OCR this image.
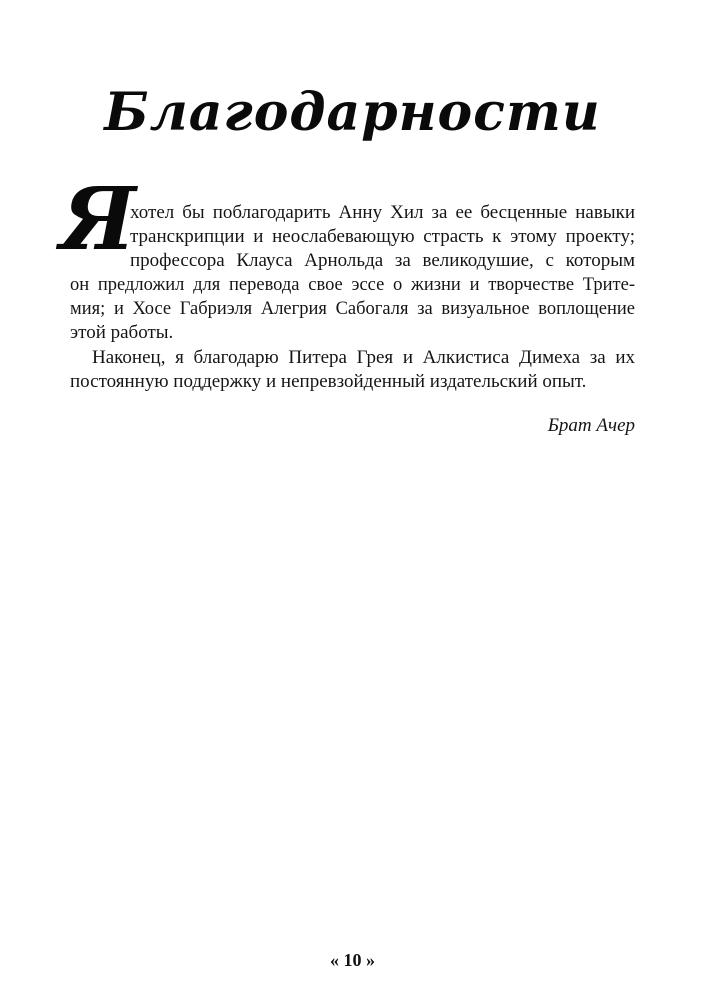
Благодарности
Я
хотел бы поблагодарить Анну Хил за ее бесценные навыки
транскрипции и неослабевающую страсть к этому проекту;
профессора Клауса Арнольда за великодушие, с которым
он предложил для перевода свое эссе о жизни и творчестве Трите-
мия; и Хосе Габриэля Алегрия Сабогаля за визуальное воплощение
этой работы.
Наконец, я благодарю Питера Грея и Алкистиса Димеха за их
постоянную поддержку и непревзойденный издательский опыт.
Брат Ачер
« 10 »
